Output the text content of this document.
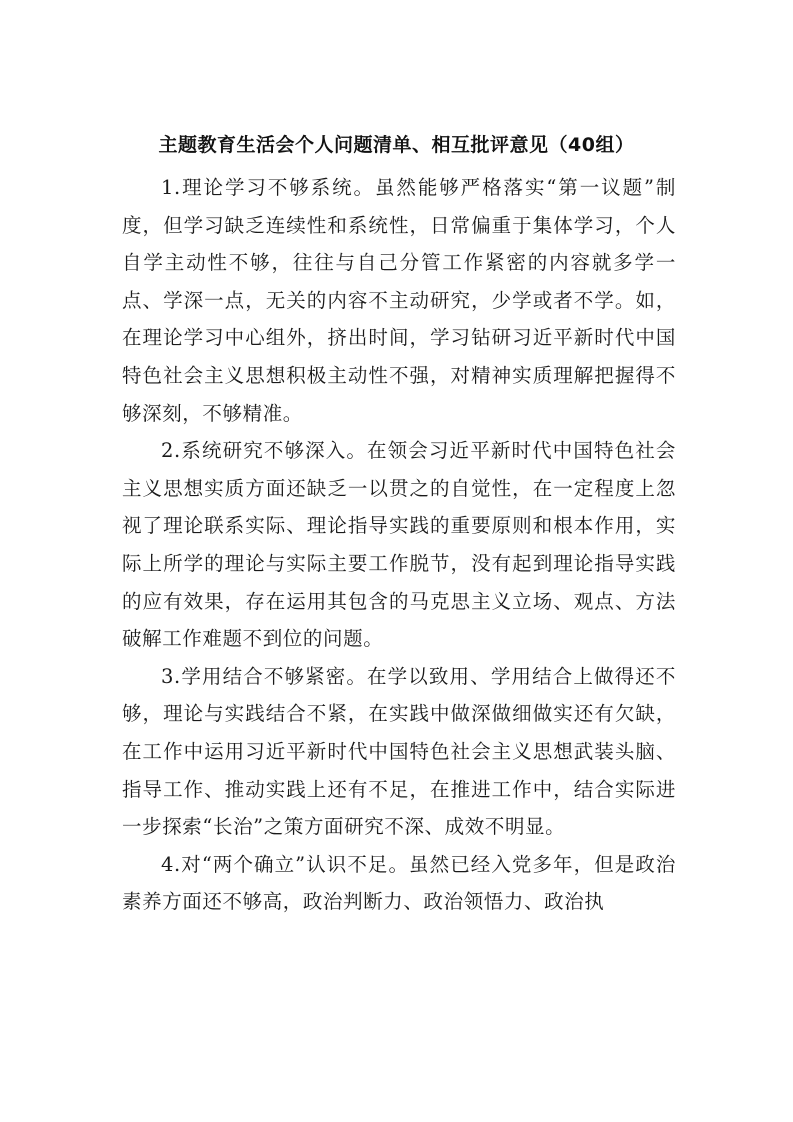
主题教育生活会个人问题清单、相互批评意见（40组）

1.理论学习不够系统。虽然能够严格落实“第一议题”制度，但学习缺乏连续性和系统性，日常偏重于集体学习，个人自学主动性不够，往往与自己分管工作紧密的内容就多学一点、学深一点，无关的内容不主动研究，少学或者不学。如，在理论学习中心组外，挤出时间，学习钻研习近平新时代中国特色社会主义思想积极主动性不强，对精神实质理解把握得不够深刻，不够精准。

2.系统研究不够深入。在领会习近平新时代中国特色社会主义思想实质方面还缺乏一以贯之的自觉性，在一定程度上忽视了理论联系实际、理论指导实践的重要原则和根本作用，实际上所学的理论与实际主要工作脱节，没有起到理论指导实践的应有效果，存在运用其包含的马克思主义立场、观点、方法破解工作难题不到位的问题。

3.学用结合不够紧密。在学以致用、学用结合上做得还不够，理论与实践结合不紧，在实践中做深做细做实还有欠缺，在工作中运用习近平新时代中国特色社会主义思想武装头脑、指导工作、推动实践上还有不足，在推进工作中，结合实际进一步探索“长治”之策方面研究不深、成效不明显。

4.对“两个确立”认识不足。虽然已经入党多年，但是政治素养方面还不够高，政治判断力、政治领悟力、政治执
